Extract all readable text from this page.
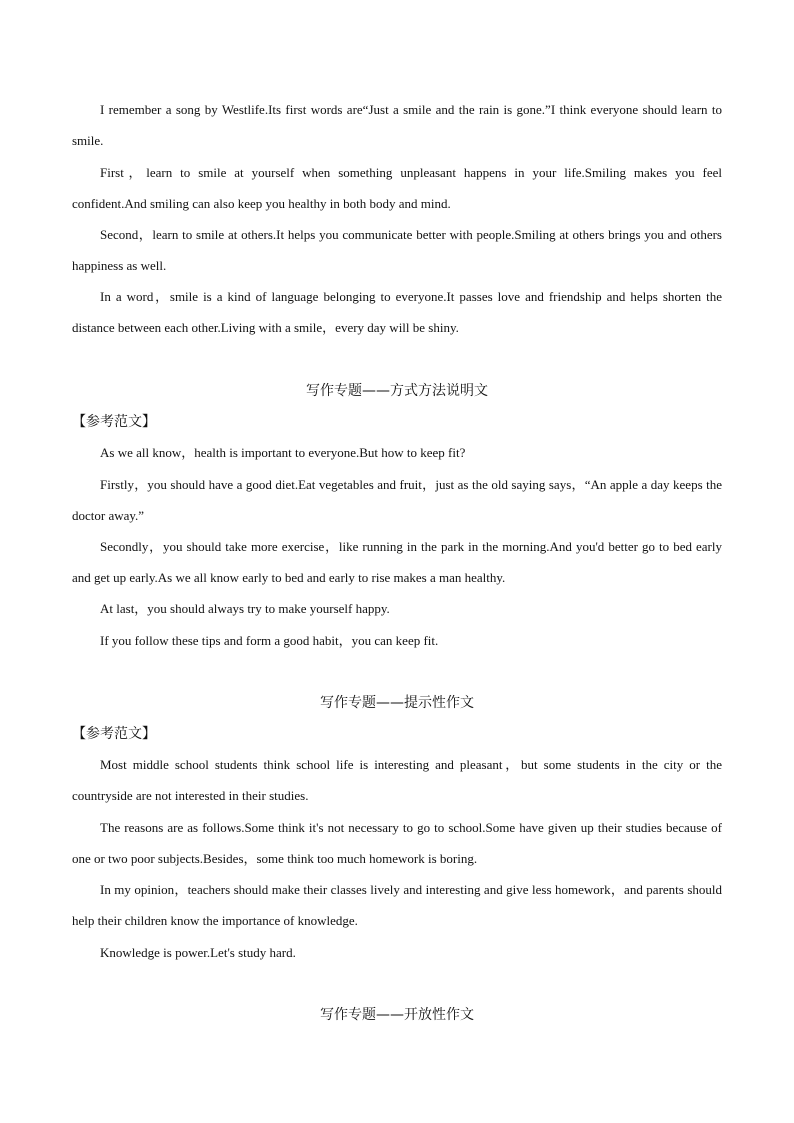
I remember a song by Westlife.Its first words are“Just a smile and the rain is gone.”I think everyone should learn to smile.

First，learn to smile at yourself when something unpleasant happens in your life.Smiling makes you feel confident.And smiling can also keep you healthy in both body and mind.

Second，learn to smile at others.It helps you communicate better with people.Smiling at others brings you and others happiness as well.

In a word，smile is a kind of language belonging to everyone.It passes love and friendship and helps shorten the distance between each other.Living with a smile，every day will be shiny.

写作专题——方式方法说明文

【参考范文】

As we all know，health is important to everyone.But how to keep fit?

Firstly，you should have a good diet.Eat vegetables and fruit，just as the old saying says，“An apple a day keeps the doctor away.”

Secondly，you should take more exercise，like running in the park in the morning.And you'd better go to bed early and get up early.As we all know early to bed and early to rise makes a man healthy.

At last，you should always try to make yourself happy.

If you follow these tips and form a good habit，you can keep fit.

写作专题——提示性作文

【参考范文】

Most middle school students think school life is interesting and pleasant，but some students in the city or the countryside are not interested in their studies.

The reasons are as follows.Some think it's not necessary to go to school.Some have given up their studies because of one or two poor subjects.Besides，some think too much homework is boring.

In my opinion，teachers should make their classes lively and interesting and give less homework，and parents should help their children know the importance of knowledge.

Knowledge is power.Let's study hard.

写作专题——开放性作文
